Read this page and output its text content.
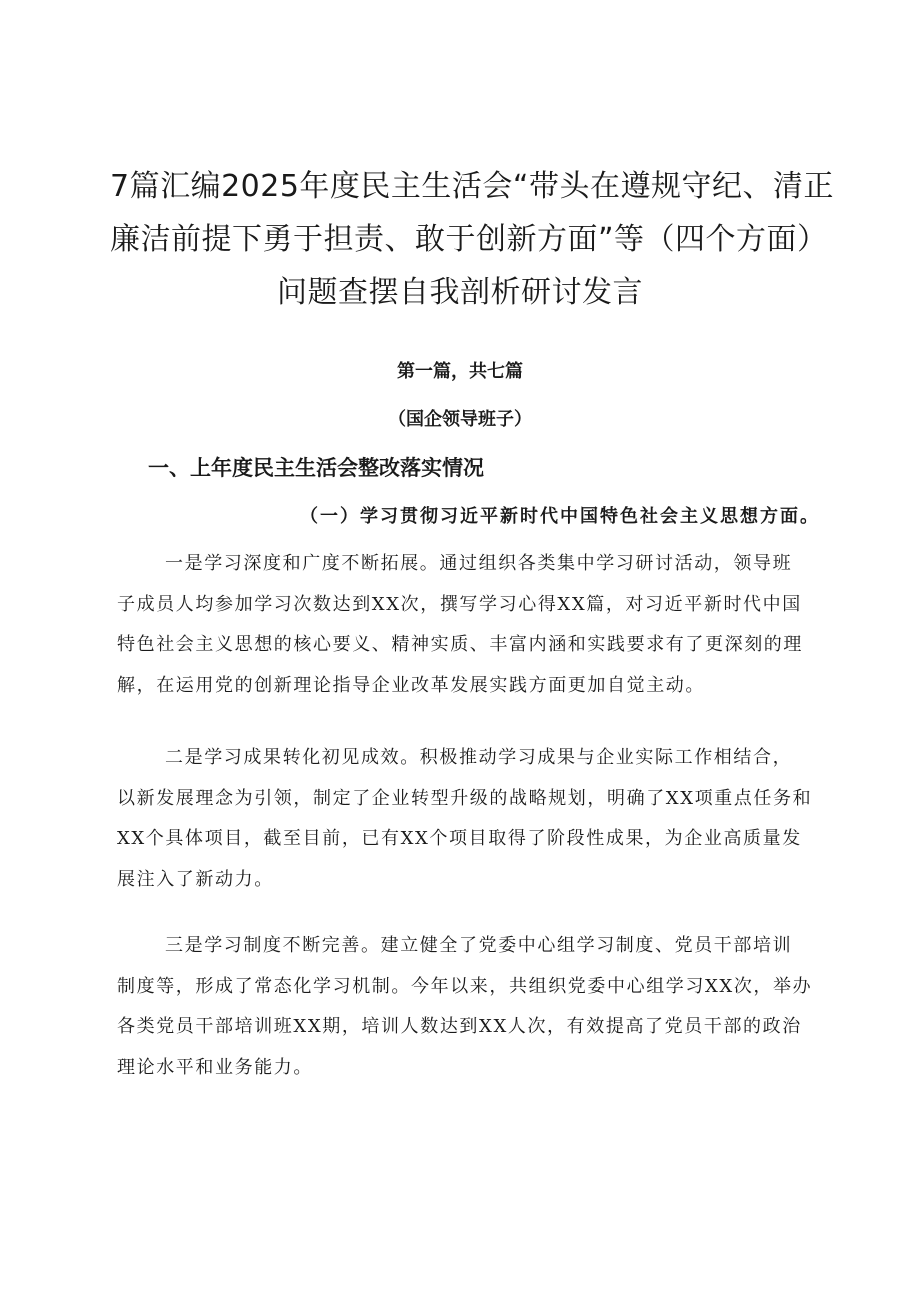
7篇汇编2025年度民主生活会“带头在遵规守纪、清正
廉洁前提下勇于担责、敢于创新方面”等（四个方面）
问题查摆自我剖析研讨发言

第一篇，共七篇

（国企领导班子）

一、上年度民主生活会整改落实情况
（一）学习贯彻习近平新时代中国特色社会主义思想方面。

一是学习深度和广度不断拓展。通过组织各类集中学习研讨活动，领导班
子成员人均参加学习次数达到XX次，撰写学习心得XX篇，对习近平新时代中国
特色社会主义思想的核心要义、精神实质、丰富内涵和实践要求有了更深刻的理
解，在运用党的创新理论指导企业改革发展实践方面更加自觉主动。

二是学习成果转化初见成效。积极推动学习成果与企业实际工作相结合，
以新发展理念为引领，制定了企业转型升级的战略规划，明确了XX项重点任务和
XX个具体项目，截至目前，已有XX个项目取得了阶段性成果，为企业高质量发
展注入了新动力。

三是学习制度不断完善。建立健全了党委中心组学习制度、党员干部培训
制度等，形成了常态化学习机制。今年以来，共组织党委中心组学习XX次，举办
各类党员干部培训班XX期，培训人数达到XX人次，有效提高了党员干部的政治
理论水平和业务能力。
